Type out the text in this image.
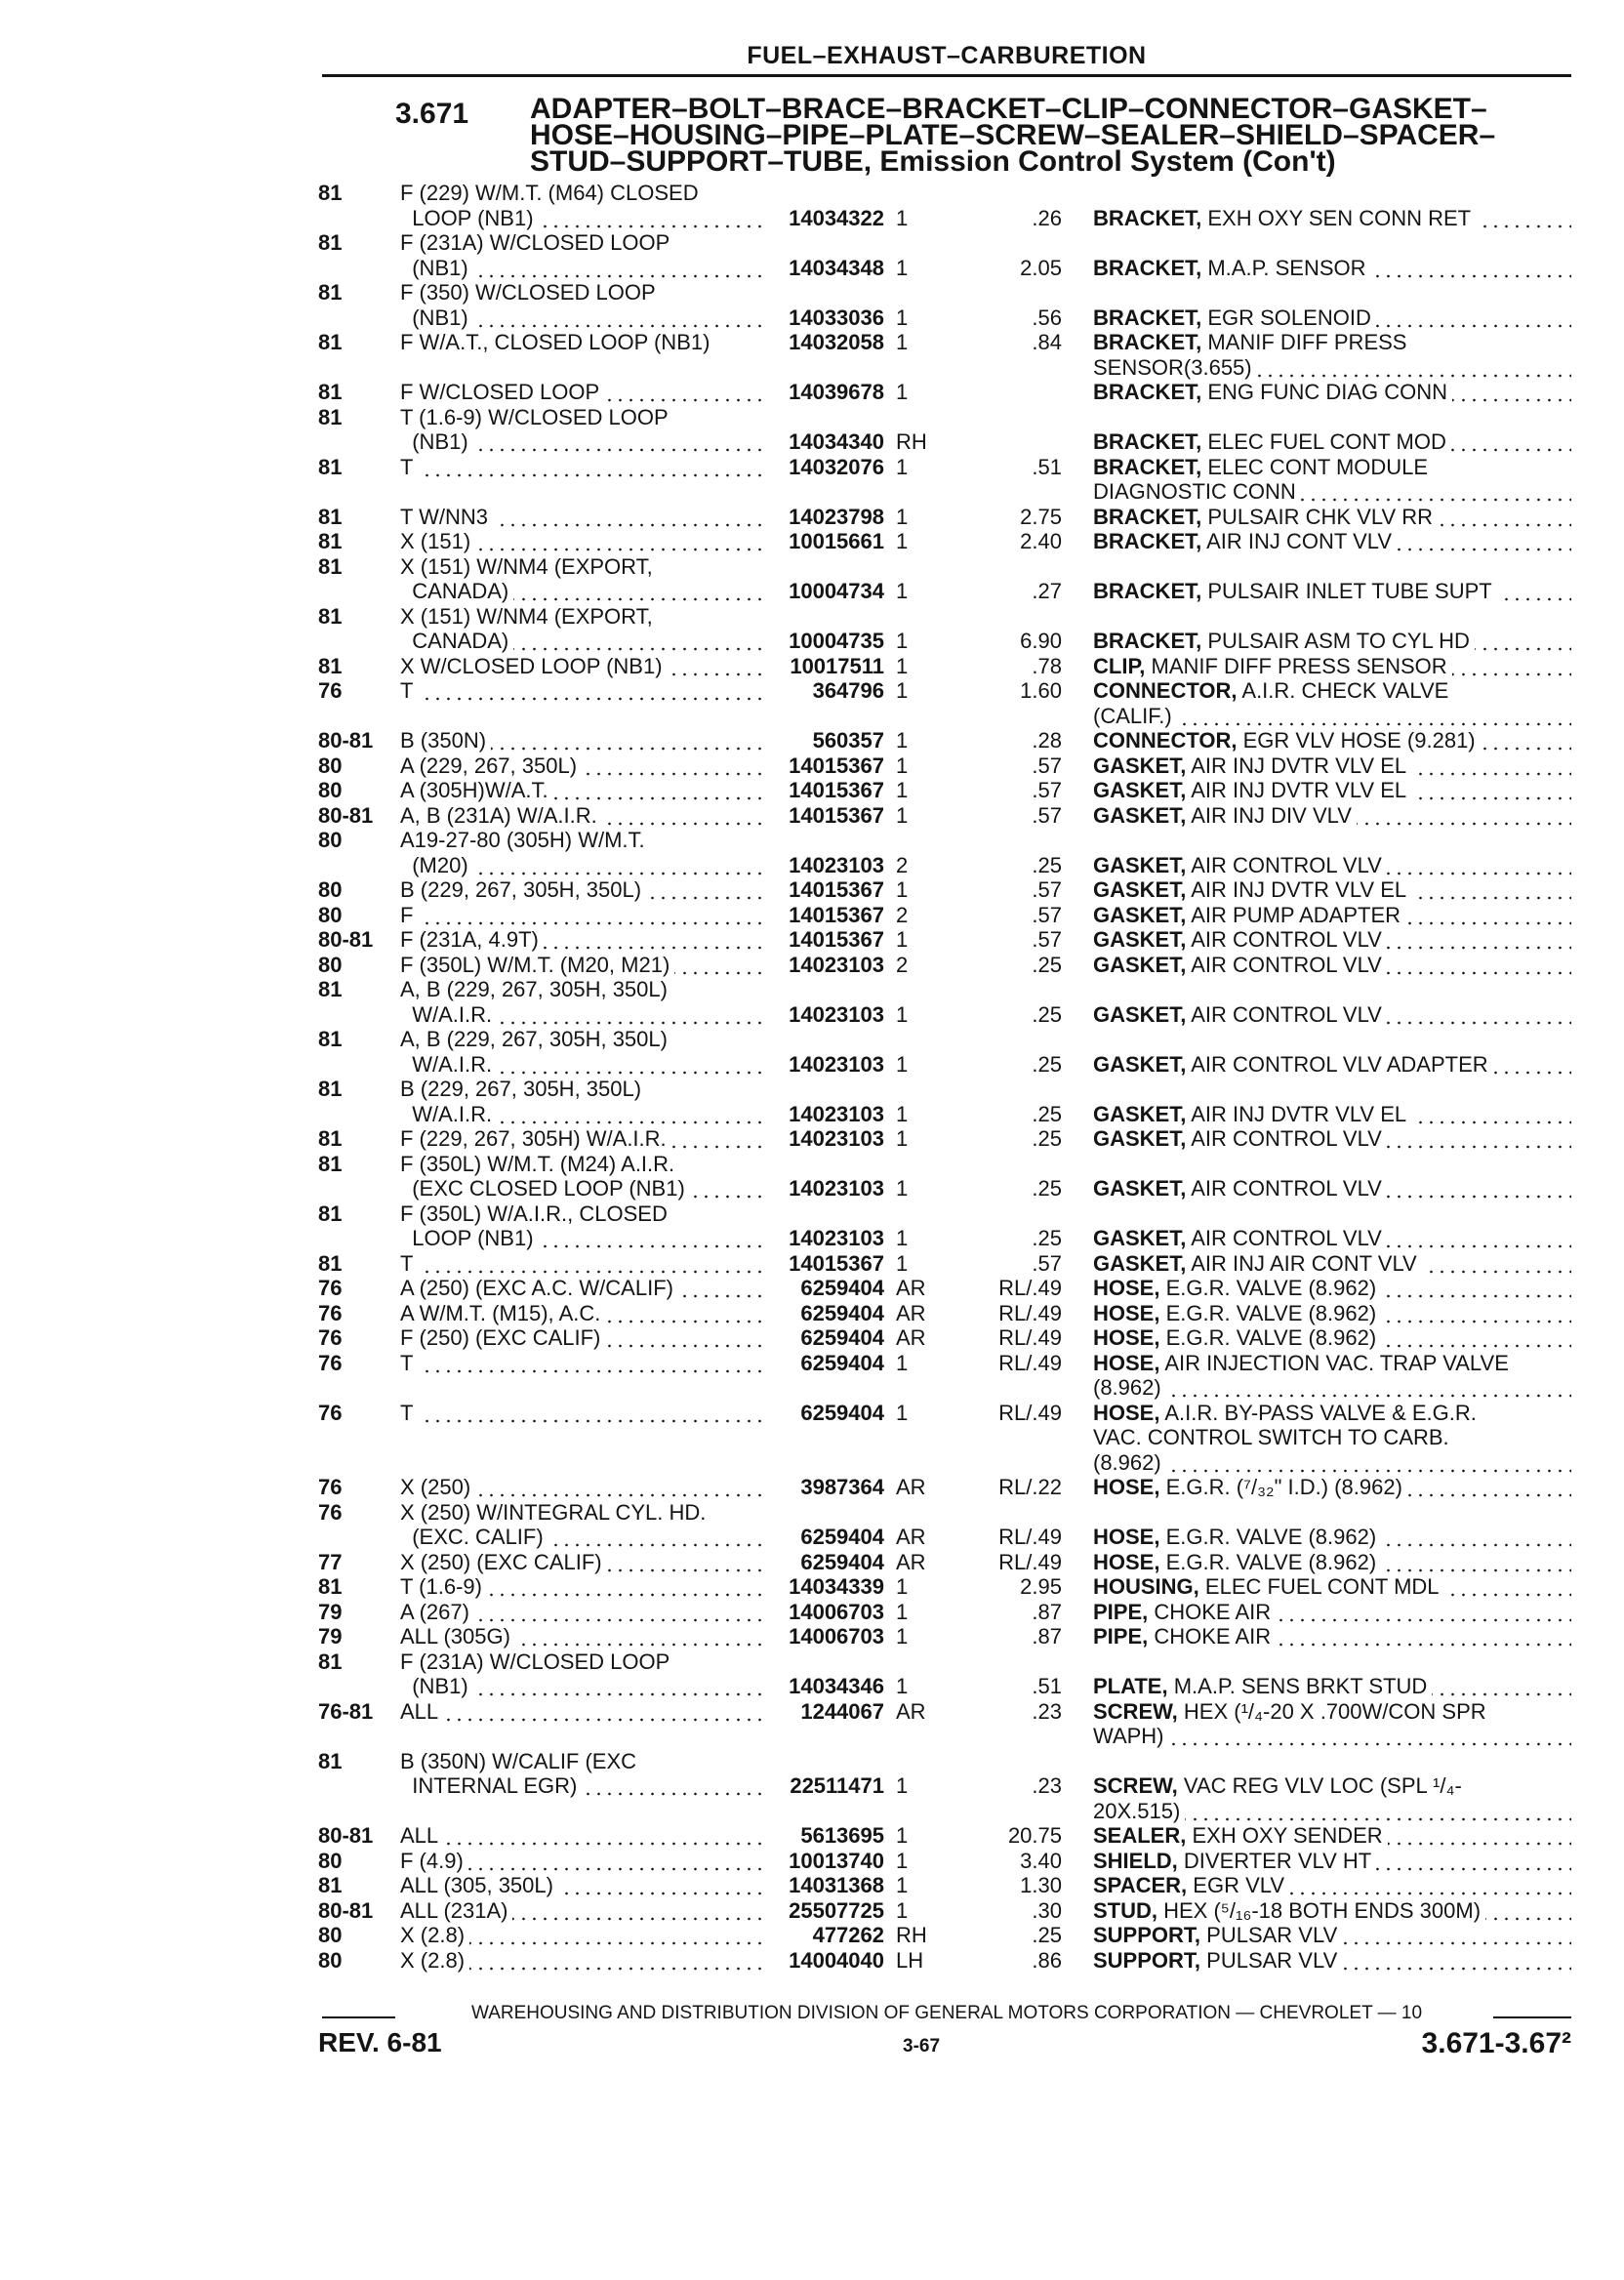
FUEL–EXHAUST–CARBURETION
3.671 ADAPTER–BOLT–BRACE–BRACKET–CLIP–CONNECTOR–GASKET–HOSE–HOUSING–PIPE–PLATE–SCREW–SEALER–SHIELD–SPACER–STUD–SUPPORT–TUBE, Emission Control System (Con't)
81	F (229) W/M.T. (M64) CLOSED
LOOP (NB1)	14034322 1	.26 BRACKET, EXH OXY SEN CONN RET
81	F (231A) W/CLOSED LOOP
(NB1)	14034348 1	2.05 BRACKET, M.A.P. SENSOR
81	F (350) W/CLOSED LOOP
(NB1)	14033036 1	.56 BRACKET, EGR SOLENOID
81	F W/A.T., CLOSED LOOP (NB1)	14032058 1	.84 BRACKET, MANIF DIFF PRESS
SENSOR(3.655)
81	F W/CLOSED LOOP	14039678 1	BRACKET, ENG FUNC DIAG CONN
81	T (1.6-9) W/CLOSED LOOP
(NB1)	14034340 RH	BRACKET, ELEC FUEL CONT MOD
81	T	14032076 1	.51 BRACKET, ELEC CONT MODULE
DIAGNOSTIC CONN
81	T W/NN3	14023798 1	2.75 BRACKET, PULSAIR CHK VLV RR
81	X (151)	10015661 1	2.40 BRACKET, AIR INJ CONT VLV
81	X (151) W/NM4 (EXPORT,
CANADA)	10004734 1	.27 BRACKET, PULSAIR INLET TUBE SUPT
81	X (151) W/NM4 (EXPORT,
CANADA)	10004735 1	6.90 BRACKET, PULSAIR ASM TO CYL HD
81	X W/CLOSED LOOP (NB1)	10017511 1	.78 CLIP, MANIF DIFF PRESS SENSOR
76	T	364796 1	1.60 CONNECTOR, A.I.R. CHECK VALVE
(CALIF.)
80-81	B (350N)	560357 1	.28 CONNECTOR, EGR VLV HOSE (9.281)
80	A (229, 267, 350L)	14015367 1	.57 GASKET, AIR INJ DVTR VLV EL
80	A (305H)W/A.T.	14015367 1	.57 GASKET, AIR INJ DVTR VLV EL
80-81	A, B (231A) W/A.I.R.	14015367 1	.57 GASKET, AIR INJ DIV VLV
80	A19-27-80 (305H) W/M.T.
(M20)	14023103 2	.25 GASKET, AIR CONTROL VLV
80	B (229, 267, 305H, 350L)	14015367 1	.57 GASKET, AIR INJ DVTR VLV EL
80	F	14015367 2	.57 GASKET, AIR PUMP ADAPTER
80-81	F (231A, 4.9T)	14015367 1	.57 GASKET, AIR CONTROL VLV
80	F (350L) W/M.T. (M20, M21)	14023103 2	.25 GASKET, AIR CONTROL VLV
81	A, B (229, 267, 305H, 350L)
W/A.I.R.	14023103 1	.25 GASKET, AIR CONTROL VLV
81	A, B (229, 267, 305H, 350L)
W/A.I.R.	14023103 1	.25 GASKET, AIR CONTROL VLV ADAPTER
81	B (229, 267, 305H, 350L)
W/A.I.R.	14023103 1	.25 GASKET, AIR INJ DVTR VLV EL
81	F (229, 267, 305H) W/A.I.R.	14023103 1	.25 GASKET, AIR CONTROL VLV
81	F (350L) W/M.T. (M24) A.I.R.
(EXC CLOSED LOOP (NB1)	14023103 1	.25 GASKET, AIR CONTROL VLV
81	F (350L) W/A.I.R., CLOSED
LOOP (NB1)	14023103 1	.25 GASKET, AIR CONTROL VLV
81	T	14015367 1	.57 GASKET, AIR INJ AIR CONT VLV
76	A (250) (EXC A.C. W/CALIF)	6259404 AR	RL/.49 HOSE, E.G.R. VALVE (8.962)
76	A W/M.T. (M15), A.C.	6259404 AR	RL/.49 HOSE, E.G.R. VALVE (8.962)
76	F (250) (EXC CALIF)	6259404 AR	RL/.49 HOSE, E.G.R. VALVE (8.962)
76	T	6259404 1	RL/.49 HOSE, AIR INJECTION VAC. TRAP VALVE
(8.962)
76	T	6259404 1	RL/.49 HOSE, A.I.R. BY-PASS VALVE & E.G.R.
VAC. CONTROL SWITCH TO CARB.
(8.962)
76	X (250)	3987364 AR	RL/.22 HOSE, E.G.R. (⁷/₃₂" I.D.) (8.962)
76	X (250) W/INTEGRAL CYL. HD.
(EXC. CALIF)	6259404 AR	RL/.49 HOSE, E.G.R. VALVE (8.962)
77	X (250) (EXC CALIF)	6259404 AR	RL/.49 HOSE, E.G.R. VALVE (8.962)
81	T (1.6-9)	14034339 1	2.95 HOUSING, ELEC FUEL CONT MDL
79	A (267)	14006703 1	.87 PIPE, CHOKE AIR
79	ALL (305G)	14006703 1	.87 PIPE, CHOKE AIR
81	F (231A) W/CLOSED LOOP
(NB1)	14034346 1	.51 PLATE, M.A.P. SENS BRKT STUD
76-81	ALL	1244067 AR	.23 SCREW, HEX (¹/₄-20 X .700W/CON SPR
WAPH)
81	B (350N) W/CALIF (EXC
INTERNAL EGR)	22511471 1	.23 SCREW, VAC REG VLV LOC (SPL ¹/₄-
20X.515)
80-81	ALL	5613695 1	20.75 SEALER, EXH OXY SENDER
80	F (4.9)	10013740 1	3.40 SHIELD, DIVERTER VLV HT
81	ALL (305, 350L)	14031368 1	1.30 SPACER, EGR VLV
80-81	ALL (231A)	25507725 1	.30 STUD, HEX (⁵/₁₆-18 BOTH ENDS 300M)
80	X (2.8)	477262 RH	.25 SUPPORT, PULSAR VLV
80	X (2.8)	14004040 LH	.86 SUPPORT, PULSAR VLV
WAREHOUSING AND DISTRIBUTION DIVISION OF GENERAL MOTORS CORPORATION — CHEVROLET — 10
REV. 6-81	3-67	3.671-3.67²
